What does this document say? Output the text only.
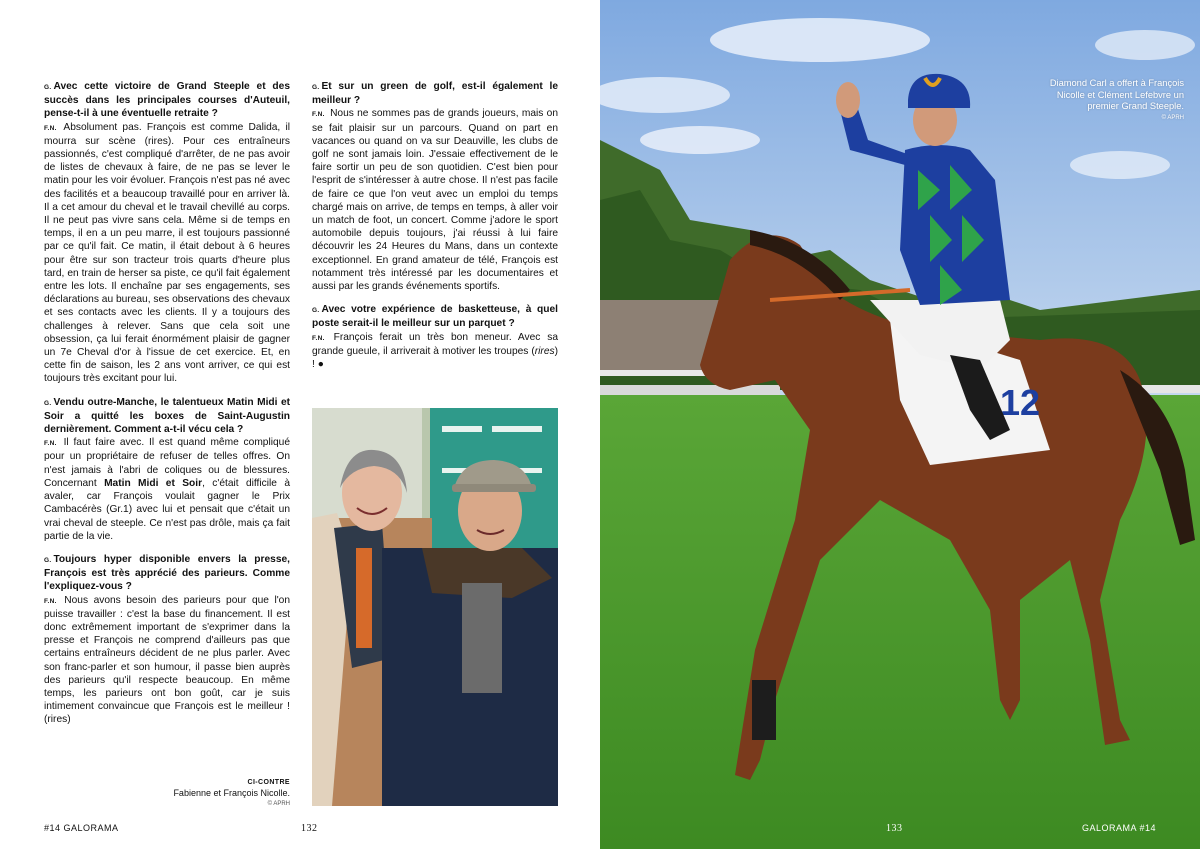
G. Avec cette victoire de Grand Steeple et des succès dans les principales courses d'Auteuil, pense-t-il à une éventuelle retraite ?

F.N. Absolument pas. François est comme Dalida, il mourra sur scène (rires). Pour ces entraîneurs passionnés, c'est compliqué d'arrêter, de ne pas avoir de listes de chevaux à faire, de ne pas se lever le matin pour les voir évoluer. François n'est pas né avec des facilités et a beaucoup travaillé pour en arriver là. Il a cet amour du cheval et le travail chevillé au corps. Il ne peut pas vivre sans cela. Même si de temps en temps, il en a un peu marre, il est toujours passionné par ce qu'il fait. Ce matin, il était debout à 6 heures pour être sur son tracteur trois quarts d'heure plus tard, en train de herser sa piste, ce qu'il fait également entre les lots. Il enchaîne par ses engagements, ses déclarations au bureau, ses observations des chevaux et ses contacts avec les clients. Il y a toujours des challenges à relever. Sans que cela soit une obsession, ça lui ferait énormément plaisir de gagner un 7e Cheval d'or à l'issue de cet exercice. Et, en cette fin de saison, les 2 ans vont arriver, ce qui est toujours très excitant pour lui.

G. Vendu outre-Manche, le talentueux Matin Midi et Soir a quitté les boxes de Saint-Augustin dernièrement. Comment a-t-il vécu cela ?

F.N. Il faut faire avec. Il est quand même compliqué pour un propriétaire de refuser de telles offres. On n'est jamais à l'abri de coliques ou de blessures. Concernant Matin Midi et Soir, c'était difficile à avaler, car François voulait gagner le Prix Cambacérès (Gr.1) avec lui et pensait que c'était un vrai cheval de steeple. Ce n'est pas drôle, mais ça fait partie de la vie.

G. Toujours hyper disponible envers la presse, François est très apprécié des parieurs. Comme l'expliquez-vous ?

F.N. Nous avons besoin des parieurs pour que l'on puisse travailler : c'est la base du financement. Il est donc extrêmement important de s'exprimer dans la presse et François ne comprend d'ailleurs pas que certains entraîneurs décident de ne plus parler. Avec son franc-parler et son humour, il passe bien auprès des parieurs qu'il respecte beaucoup. En même temps, les parieurs ont bon goût, car je suis intimement convaincue que François est le meilleur ! (rires)

G. Et sur un green de golf, est-il également le meilleur ?

F.N. Nous ne sommes pas de grands joueurs, mais on se fait plaisir sur un parcours. Quand on part en vacances ou quand on va sur Deauville, les clubs de golf ne sont jamais loin. J'essaie effectivement de le faire sortir un peu de son quotidien. C'est bien pour l'esprit de s'intéresser à autre chose. Il n'est pas facile de faire ce que l'on veut avec un emploi du temps chargé mais on arrive, de temps en temps, à aller voir un match de foot, un concert. Comme j'adore le sport automobile depuis toujours, j'ai réussi à lui faire découvrir les 24 Heures du Mans, dans un contexte exceptionnel. En grand amateur de télé, François est notamment très intéressé par les documentaires et aussi par les grands événements sportifs.

G. Avec votre expérience de basketteuse, à quel poste serait-il le meilleur sur un parquet ?

F.N. François ferait un très bon meneur. Avec sa grande gueule, il arriverait à motiver les troupes (rires) ! ●

CI-CONTRE
Fabienne et François Nicolle.
© APRH
#14 GALORAMA	132
12
Diamond Carl a offert à François Nicolle et Clément Lefebvre un premier Grand Steeple.
© APRH
133	GALORAMA #14
